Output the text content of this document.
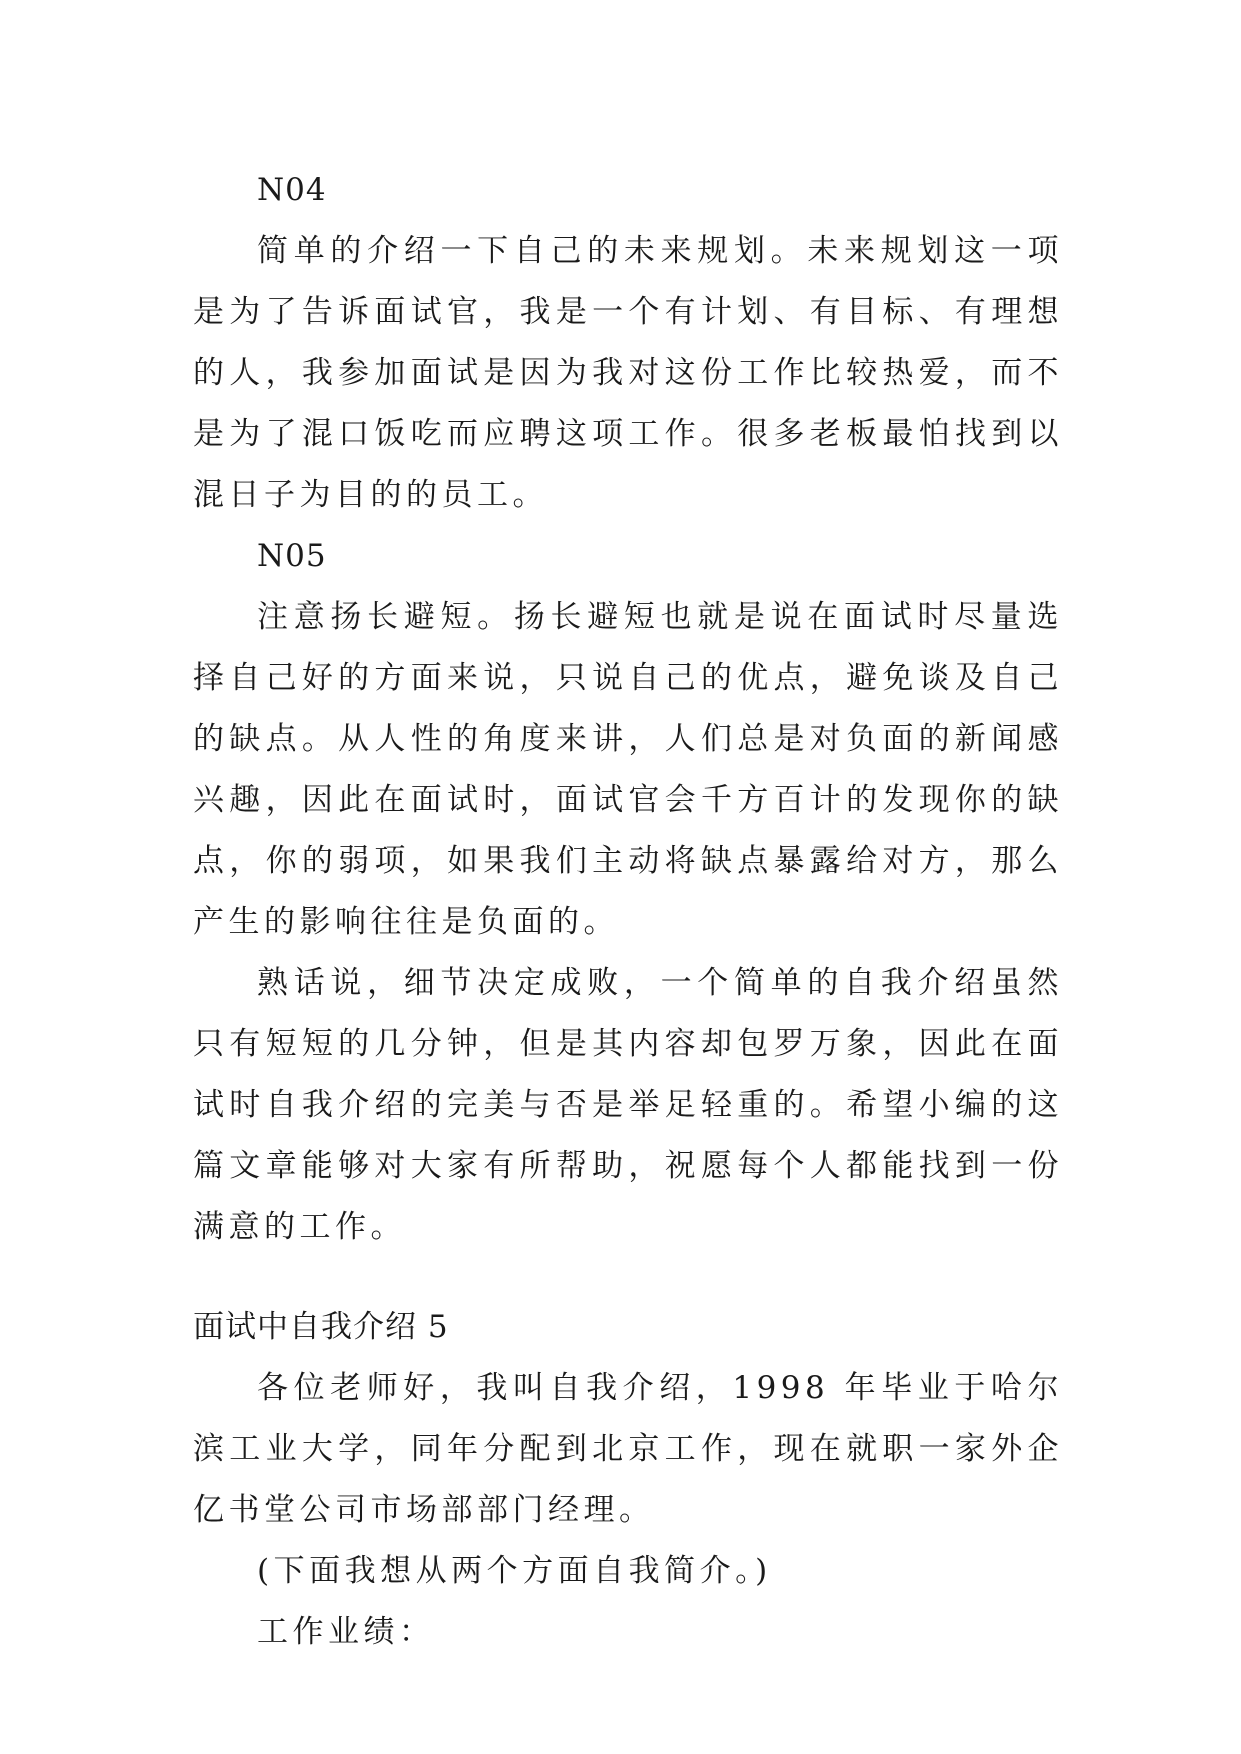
N04

简单的介绍一下自己的未来规划。未来规划这一项是为了告诉面试官，我是一个有计划、有目标、有理想的人，我参加面试是因为我对这份工作比较热爱，而不是为了混口饭吃而应聘这项工作。很多老板最怕找到以混日子为目的的员工。

N05

注意扬长避短。扬长避短也就是说在面试时尽量选择自己好的方面来说，只说自己的优点，避免谈及自己的缺点。从人性的角度来讲，人们总是对负面的新闻感兴趣，因此在面试时，面试官会千方百计的发现你的缺点，你的弱项，如果我们主动将缺点暴露给对方，那么产生的影响往往是负面的。

熟话说，细节决定成败，一个简单的自我介绍虽然只有短短的几分钟，但是其内容却包罗万象，因此在面试时自我介绍的完美与否是举足轻重的。希望小编的这篇文章能够对大家有所帮助，祝愿每个人都能找到一份满意的工作。

面试中自我介绍 5

各位老师好，我叫自我介绍，1998 年毕业于哈尔滨工业大学，同年分配到北京工作，现在就职一家外企亿书堂公司市场部部门经理。

(下面我想从两个方面自我简介。)

工作业绩：
